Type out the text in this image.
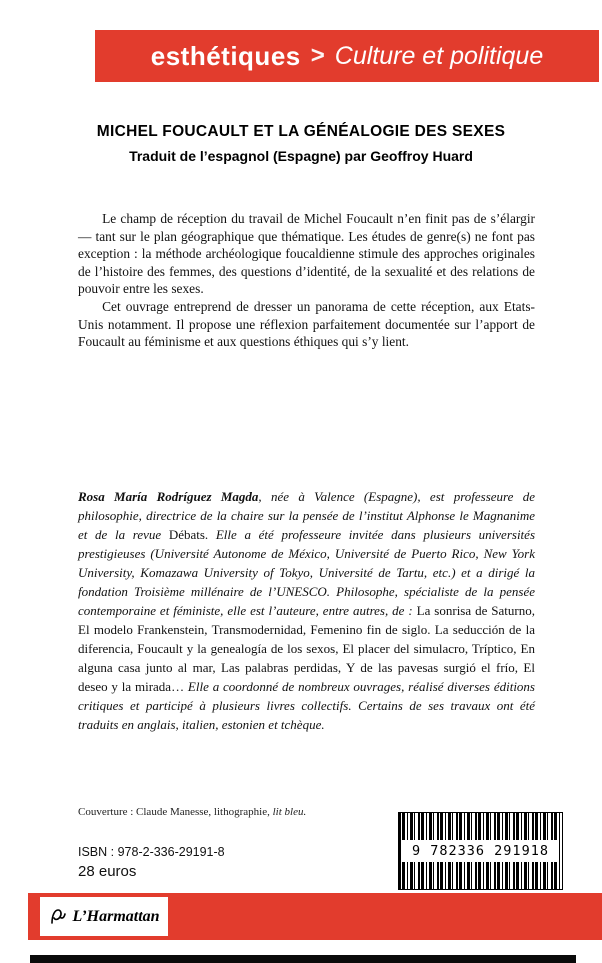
esthétiques > Culture et politique
MICHEL FOUCAULT ET LA GÉNÉALOGIE DES SEXES
Traduit de l’espagnol (Espagne) par Geoffroy Huard

Le champ de réception du travail de Michel Foucault n’en finit pas de s’élargir — tant sur le plan géographique que thématique. Les études de genre(s) ne font pas exception : la méthode archéologique foucaldienne stimule des approches originales de l’histoire des femmes, des questions d’identité, de la sexualité et des relations de pouvoir entre les sexes.

Cet ouvrage entreprend de dresser un panorama de cette réception, aux Etats-Unis notamment. Il propose une réflexion parfaitement documentée sur l’apport de Foucault au féminisme et aux questions éthiques qui s’y lient.

Rosa María Rodríguez Magda, née à Valence (Espagne), est professeure de philosophie, directrice de la chaire sur la pensée de l’institut Alphonse le Magnanime et de la revue Débats. Elle a été professeure invitée dans plusieurs universités prestigieuses (Université Autonome de México, Université de Puerto Rico, New York University, Komazawa University of Tokyo, Université de Tartu, etc.) et a dirigé la fondation Troisième millénaire de l’UNESCO. Philosophe, spécialiste de la pensée contemporaine et féministe, elle est l’auteure, entre autres, de : La sonrisa de Saturno, El modelo Frankenstein, Transmodernidad, Femenino fin de siglo. La seducción de la diferencia, Foucault y la genealogía de los sexos, El placer del simulacro, Tríptico, En alguna casa junto al mar, Las palabras perdidas, Y de las pavesas surgió el frío, El deseo y la mirada… Elle a coordonné de nombreux ouvrages, réalisé diverses éditions critiques et participé à plusieurs livres collectifs. Certains de ses travaux ont été traduits en anglais, italien, estonien et tchèque.

Couverture : Claude Manesse, lithographie, lit bleu.

ISBN : 978-2-336-29191-8

28 euros

9 782336 291918
L’Harmattan
